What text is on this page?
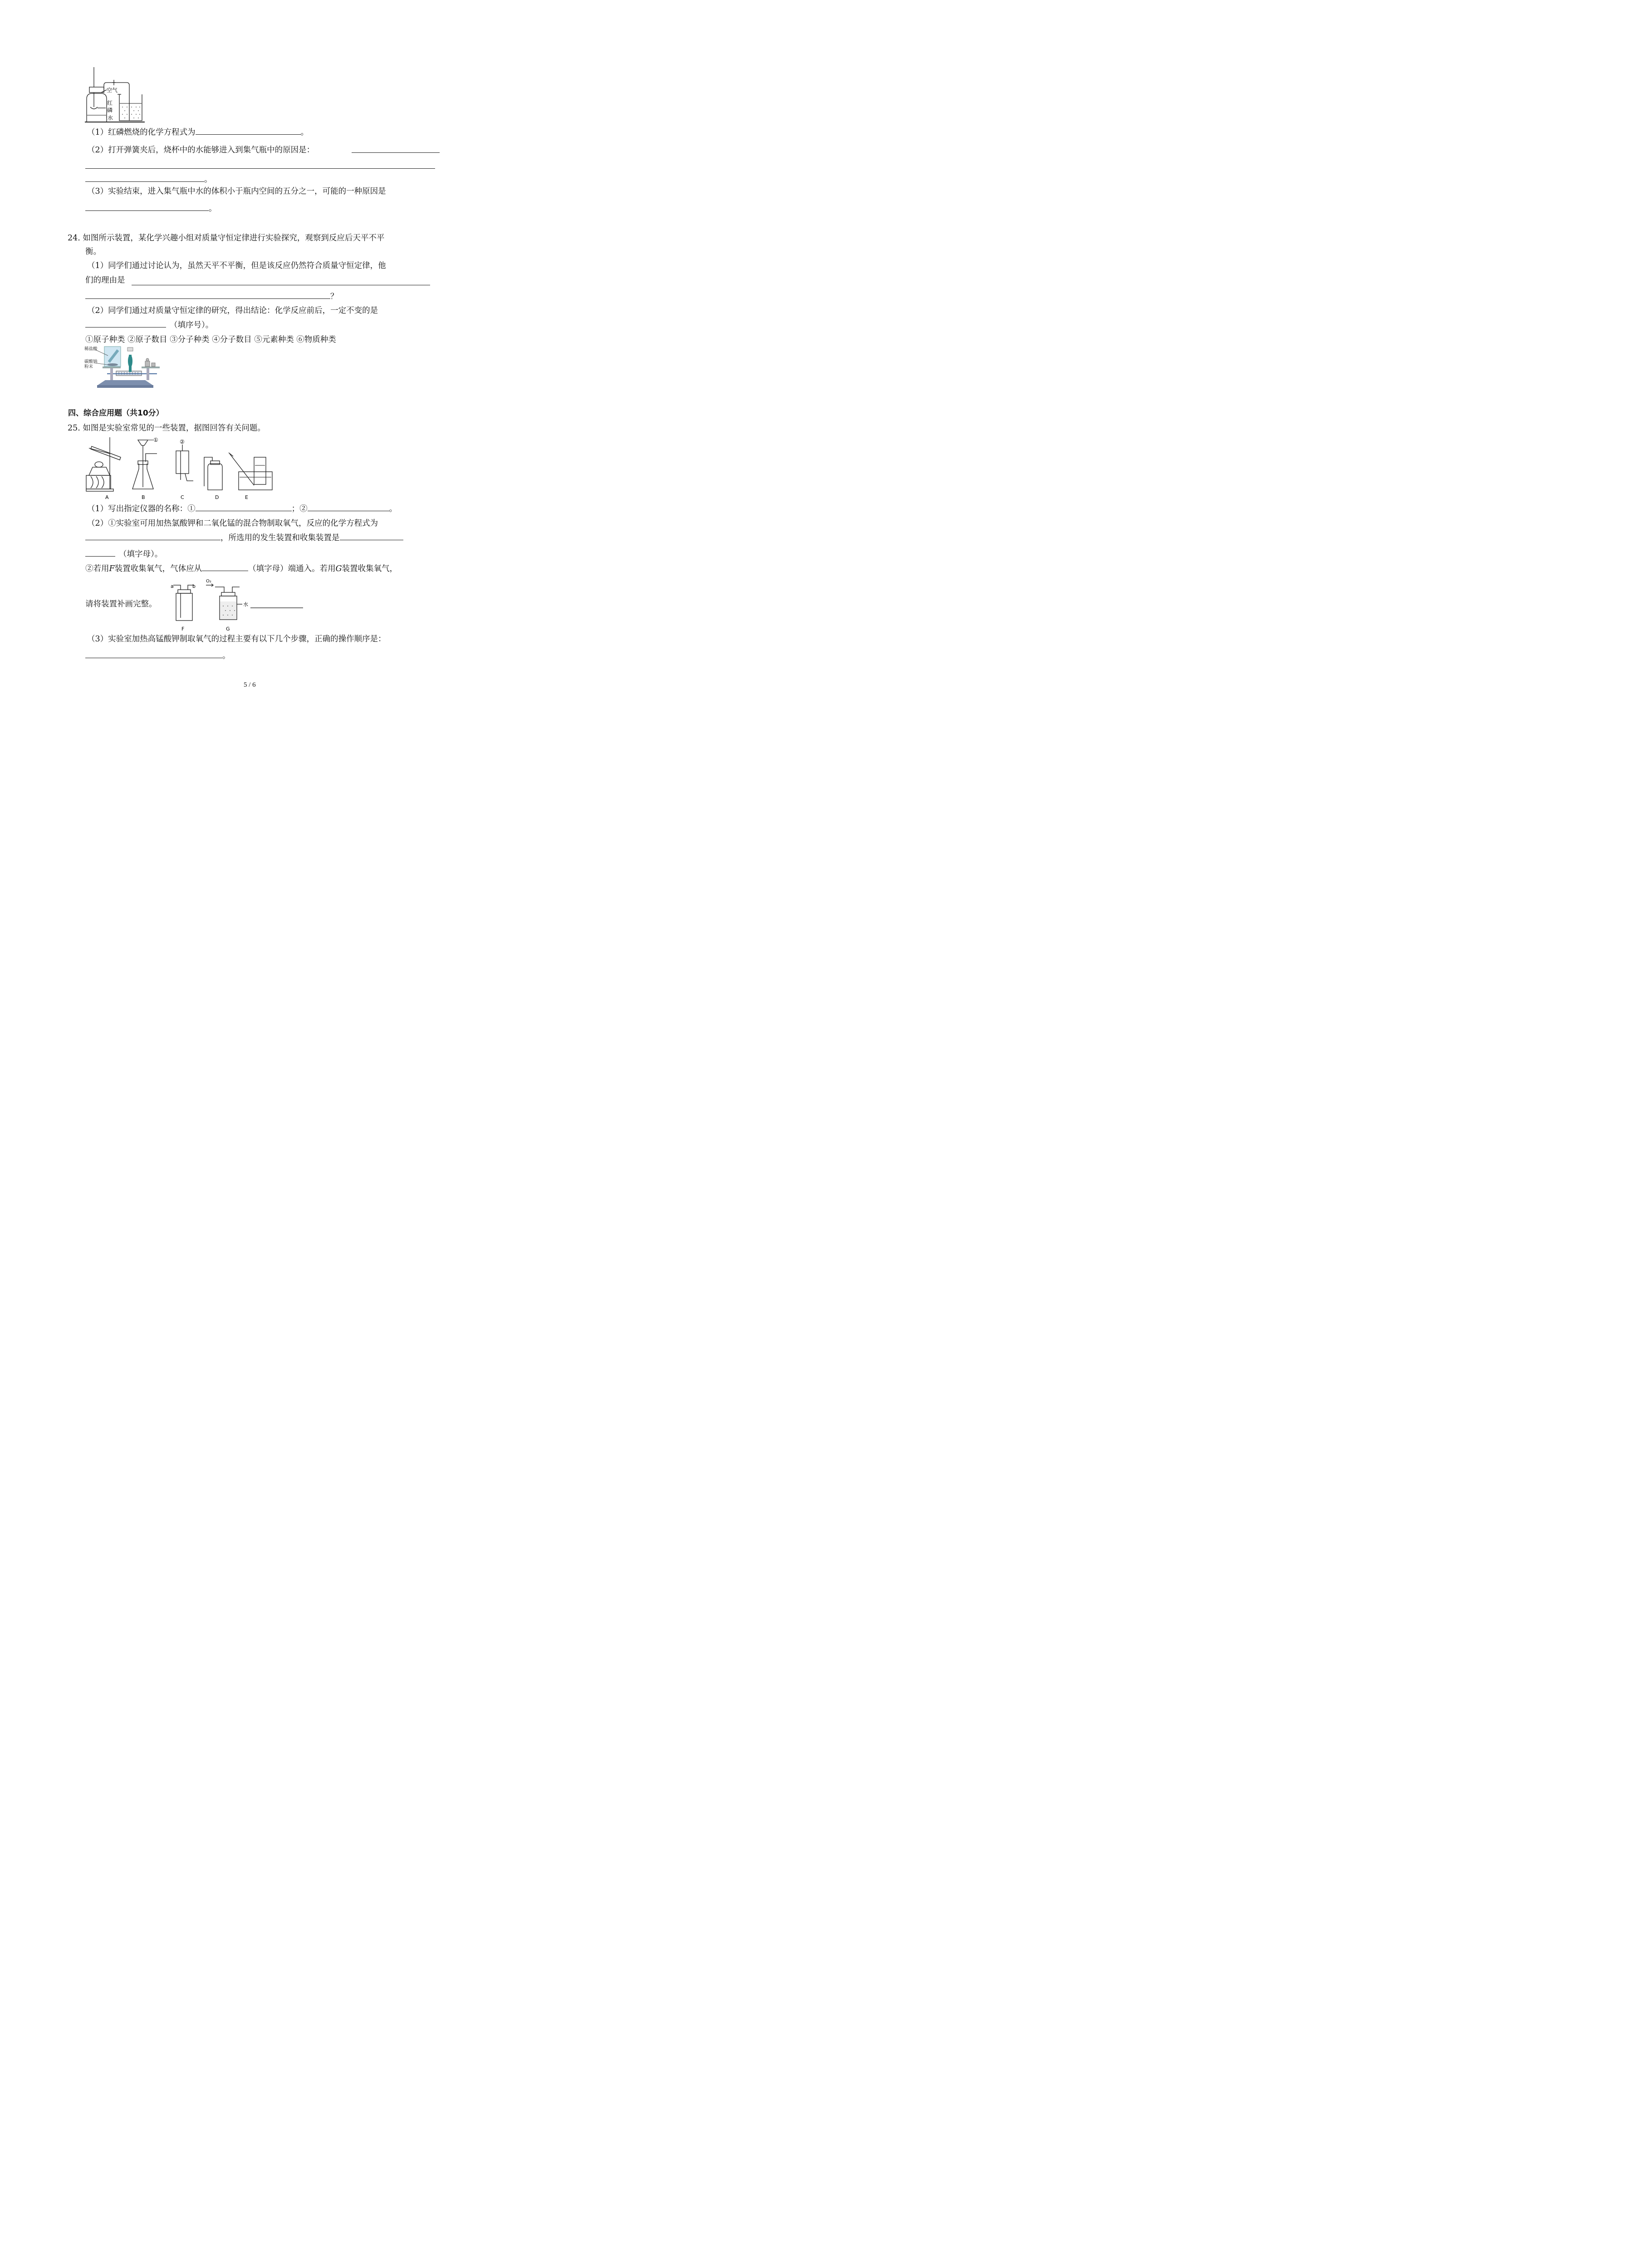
空气
红
磷
水
（1）红磷燃烧的化学方程式为	。
（2）打开弹簧夹后，烧杯中的水能够进入到集气瓶中的原因是：
。
（3）实验结束，进入集气瓶中水的体积小于瓶内空间的五分之一，可能的一种原因是
。
24. 如图所示装置，某化学兴趣小组对质量守恒定律进行实验探究，观察到反应后天平不平
衡。
（1）同学们通过讨论认为，虽然天平不平衡，但是该反应仍然符合质量守恒定律，他
们的理由是
？
（2）同学们通过对质量守恒定律的研究，得出结论：化学反应前后，一定不变的是
（填序号）。
①原子种类 ②原子数目 ③分子种类 ④分子数目 ⑤元素种类 ⑥物质种类
稀盐酸
碳酸钠
粉末
四、综合应用题（共10分）
25. 如图是实验室常见的一些装置，据图回答有关问题。
①	②
A	B	C	D	E
（1）写出指定仪器的名称：①	；②	。
（2）①实验室可用加热氯酸钾和二氧化锰的混合物制取氧气，反应的化学方程式为
，所选用的发生装置和收集装置是
（填字母）。
②若用F装置收集氧气，气体应从	（填字母）端通入。若用G装置收集氧气，
请将装置补画完整。
a	b
O₂
水
F	G
（3）实验室加热高锰酸钾制取氧气的过程主要有以下几个步骤，正确的操作顺序是：
。
5 / 6
